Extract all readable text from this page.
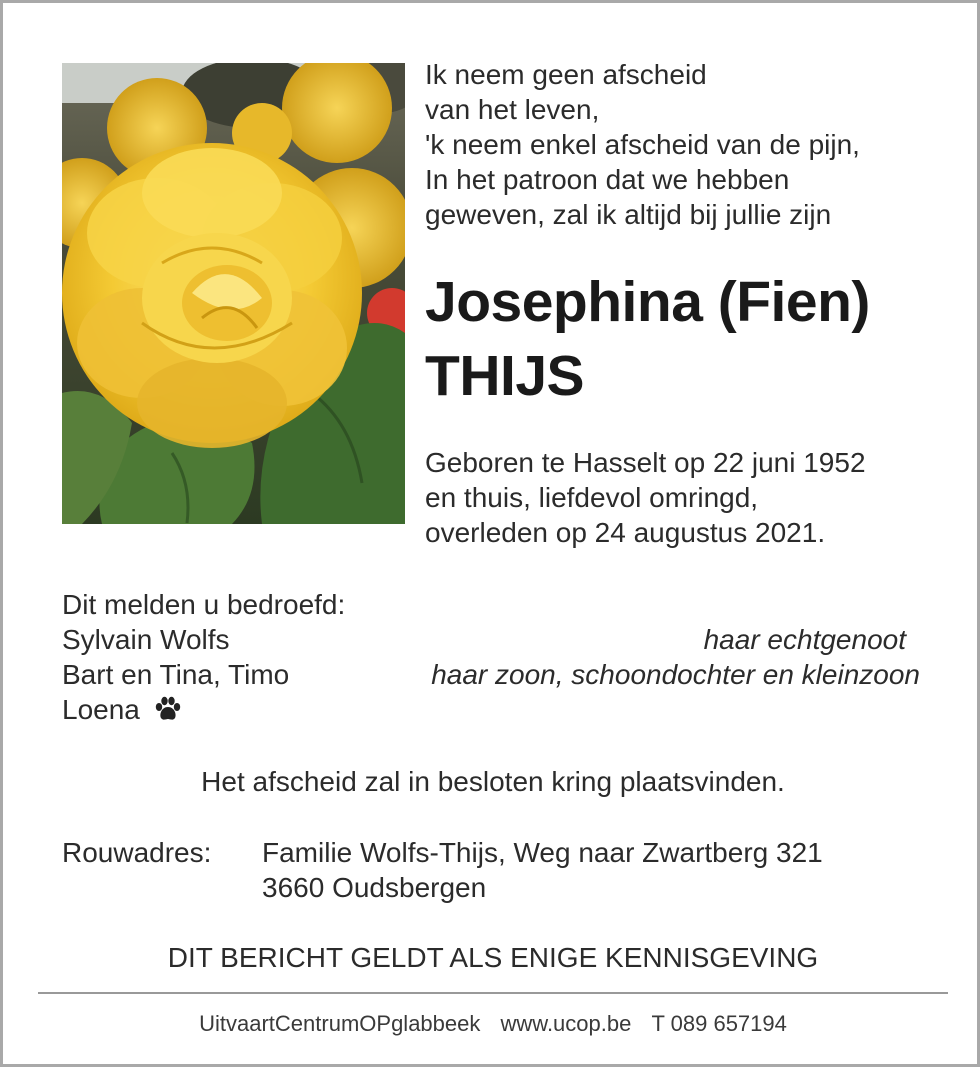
Ik neem geen afscheid
van het leven,
'k neem enkel afscheid van de pijn,
In het patroon dat we hebben
geweven, zal ik altijd bij jullie zijn
Josephina (Fien)
THIJS
Geboren te Hasselt op 22 juni 1952
en thuis, liefdevol omringd,
overleden op 24 augustus 2021.
Dit melden u bedroefd:
Sylvain Wolfs	haar echtgenoot
Bart en Tina, Timo	haar zoon, schoondochter en kleinzoon
Loena
Het afscheid zal in besloten kring plaatsvinden.
Rouwadres: Familie Wolfs-Thijs, Weg naar Zwartberg 321
3660 Oudsbergen
DIT BERICHT GELDT ALS ENIGE KENNISGEVING
UitvaartCentrumOPglabbeek www.ucop.be T 089 657194
